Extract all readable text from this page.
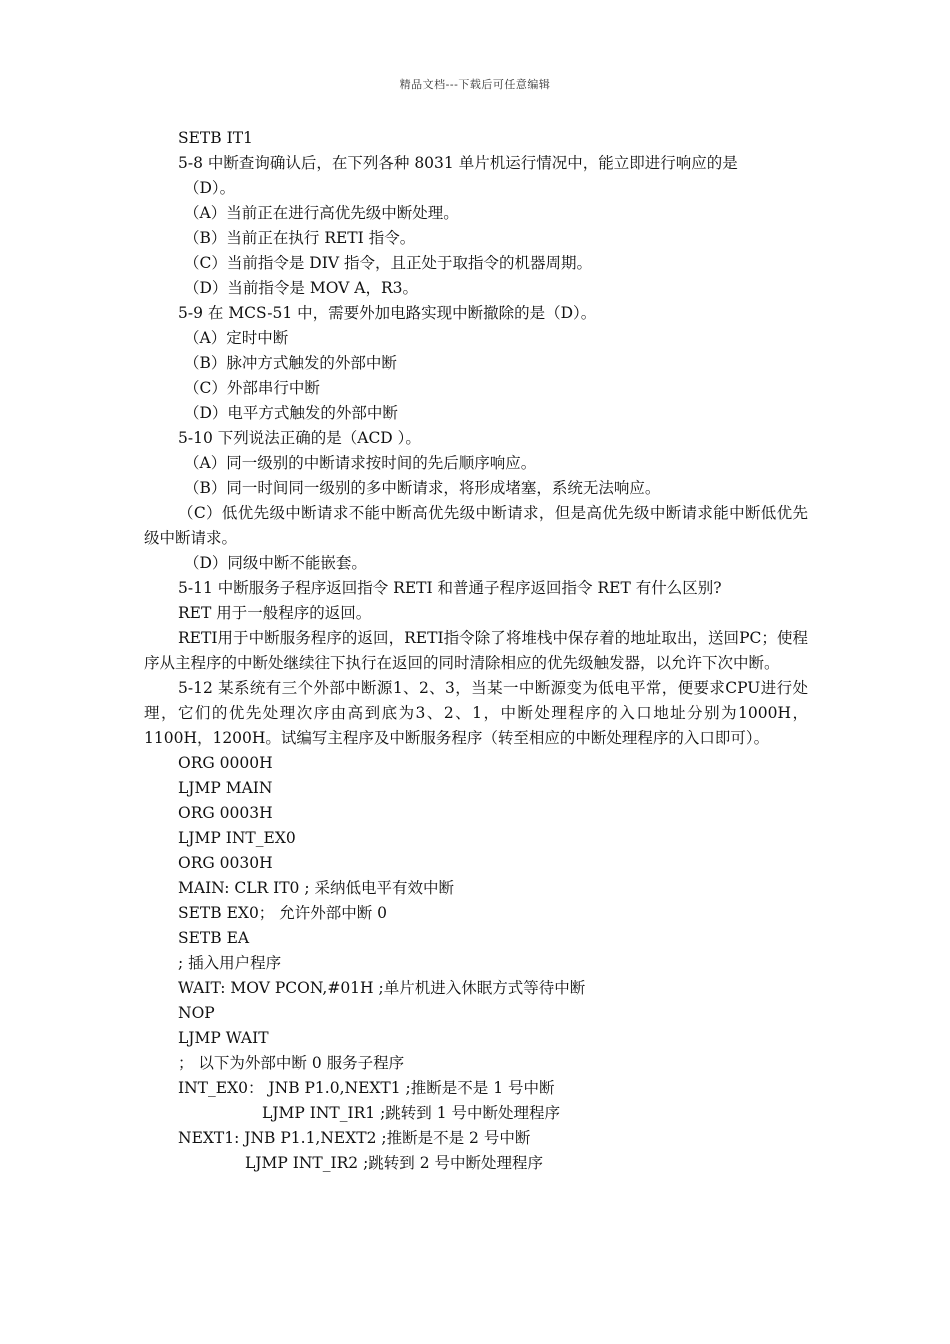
精品文档---下载后可任意编辑
SETB IT1
5-8 中断查询确认后，在下列各种 8031 单片机运行情况中，能立即进行响应的是
（D）。
（A）当前正在进行高优先级中断处理。
（B）当前正在执行 RETI 指令。
（C）当前指令是 DIV 指令，且正处于取指令的机器周期。
（D）当前指令是 MOV A，R3。
5-9 在 MCS-51 中，需要外加电路实现中断撤除的是（D）。
（A）定时中断
（B）脉冲方式触发的外部中断
（C）外部串行中断
（D）电平方式触发的外部中断
5-10 下列说法正确的是（ACD ）。
（A）同一级别的中断请求按时间的先后顺序响应。
（B）同一时间同一级别的多中断请求，将形成堵塞，系统无法响应。
（C）低优先级中断请求不能中断高优先级中断请求，但是高优先级中断请求能中断低优先级中断请求。
（D）同级中断不能嵌套。
5-11 中断服务子程序返回指令 RETI 和普通子程序返回指令 RET 有什么区别?
RET 用于一般程序的返回。
RETI用于中断服务程序的返回，RETI指令除了将堆栈中保存着的地址取出，送回PC；使程序从主程序的中断处继续往下执行在返回的同时清除相应的优先级触发器，以允许下次中断。
5-12 某系统有三个外部中断源1、2、3，当某一中断源变为低电平常，便要求CPU进行处理，它们的优先处理次序由高到底为3、2、1，中断处理程序的入口地址分别为1000H，1100H，1200H。试编写主程序及中断服务程序（转至相应的中断处理程序的入口即可）。
ORG 0000H
LJMP MAIN
ORG 0003H
LJMP INT_EX0
ORG 0030H
MAIN: CLR IT0 ; 采纳低电平有效中断
SETB EX0； 允许外部中断 0
SETB EA
; 插入用户程序
WAIT: MOV PCON,#01H ;单片机进入休眠方式等待中断
NOP
LJMP WAIT
； 以下为外部中断 0 服务子程序
INT_EX0： JNB P1.0,NEXT1 ;推断是不是 1 号中断
LJMP INT_IR1 ;跳转到 1 号中断处理程序
NEXT1: JNB P1.1,NEXT2 ;推断是不是 2 号中断
LJMP INT_IR2 ;跳转到 2 号中断处理程序
